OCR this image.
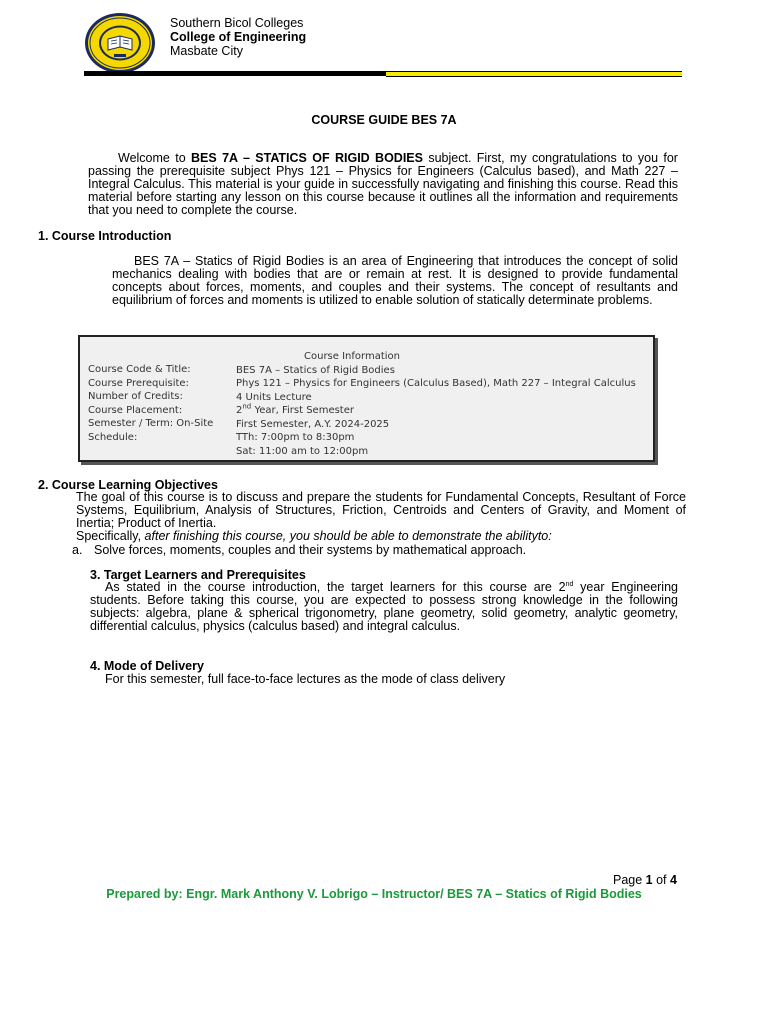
Southern Bicol Colleges
College of Engineering
Masbate City
COURSE GUIDE BES 7A

Welcome to BES 7A – STATICS OF RIGID BODIES subject. First, my congratulations to you for passing the prerequisite subject Phys 121 – Physics for Engineers (Calculus based), and Math 227 – Integral Calculus. This material is your guide in successfully navigating and finishing this course. Read this material before starting any lesson on this course because it outlines all the information and requirements that you need to complete the course.

1. Course Introduction

BES 7A – Statics of Rigid Bodies is an area of Engineering that introduces the concept of solid mechanics dealing with bodies that are or remain at rest. It is designed to provide fundamental concepts about forces, moments, and couples and their systems. The concept of resultants and equilibrium of forces and moments is utilized to enable solution of statically determinate problems.

Course Code & Title:
Course Prerequisite:
Number of Credits:
Course Placement:
Semester / Term: On-Site Schedule:
Course Information
BES 7A – Statics of Rigid Bodies
Phys 121 – Physics for Engineers (Calculus Based), Math 227 – Integral Calculus
4 Units Lecture
2nd Year, First Semester
First Semester, A.Y. 2024-2025
TTh: 7:00pm to 8:30pm
Sat: 11:00 am to 12:00pm
2. Course Learning Objectives

The goal of this course is to discuss and prepare the students for Fundamental Concepts, Resultant of Force Systems, Equilibrium, Analysis of Structures, Friction, Centroids and Centers of Gravity, and Moment of Inertia; Product of Inertia.
Specifically, after finishing this course, you should be able to demonstrate the abilityto:

a. Solve forces, moments, couples and their systems by mathematical approach.
3. Target Learners and Prerequisites

As stated in the course introduction, the target learners for this course are 2nd year Engineering students. Before taking this course, you are expected to possess strong knowledge in the following subjects: algebra, plane & spherical trigonometry, plane geometry, solid geometry, analytic geometry, differential calculus, physics (calculus based) and integral calculus.

4. Mode of Delivery
For this semester, full face-to-face lectures as the mode of class delivery
Page 1 of 4
Prepared by: Engr. Mark Anthony V. Lobrigo – Instructor/ BES 7A – Statics of Rigid Bodies
